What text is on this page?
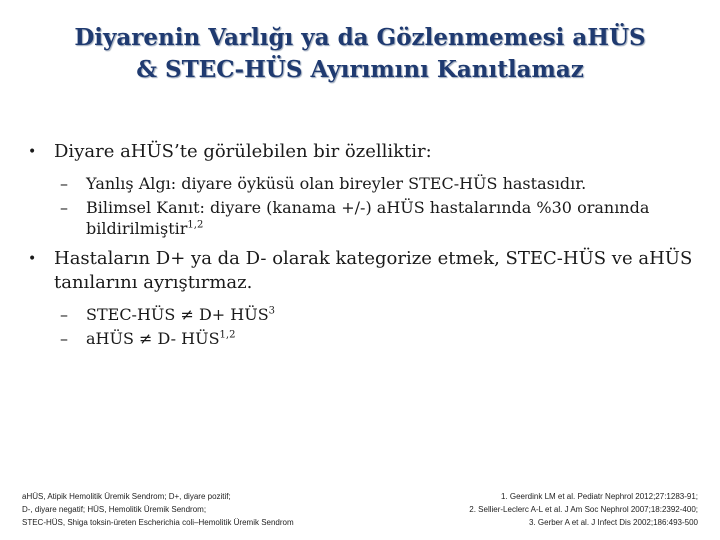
Diyarenin Varlığı ya da Gözlenmemesi aHÜS
& STEC-HÜS Ayırımını Kanıtlamaz
• Diyare aHÜS’te görülebilen bir özelliktir:
– Yanlış Algı: diyare öyküsü olan bireyler STEC-HÜS hastasıdır.
– Bilimsel Kanıt: diyare (kanama +/-) aHÜS hastalarında %30 oranında bildirilmiştir$^{1,2}$
• Hastaların D+ ya da D- olarak kategorize etmek, STEC-HÜS ve aHÜS tanılarını ayrıştırmaz.
– STEC-HÜS ≠ $D+ HÜS^3$
– aHÜS ≠ D- HÜS$^{1,2}$
aHÜS, Atipik Hemolitik Üremik Sendrom; D+, diyare pozitif;
D-, diyare negatif; HÜS, Hemolitik Üremik Sendrom;
STEC-HÜS, Shiga toksin-üreten Escherichia coli–Hemolitik Üremik Sendrom
1. Geerdink LM et al. Pediatr Nephrol 2012;27:1283-91;
2. Sellier-Leclerc A-L et al. J Am Soc Nephrol 2007;18:2392-400;
3. Gerber A et al. J Infect Dis 2002;186:493-500
